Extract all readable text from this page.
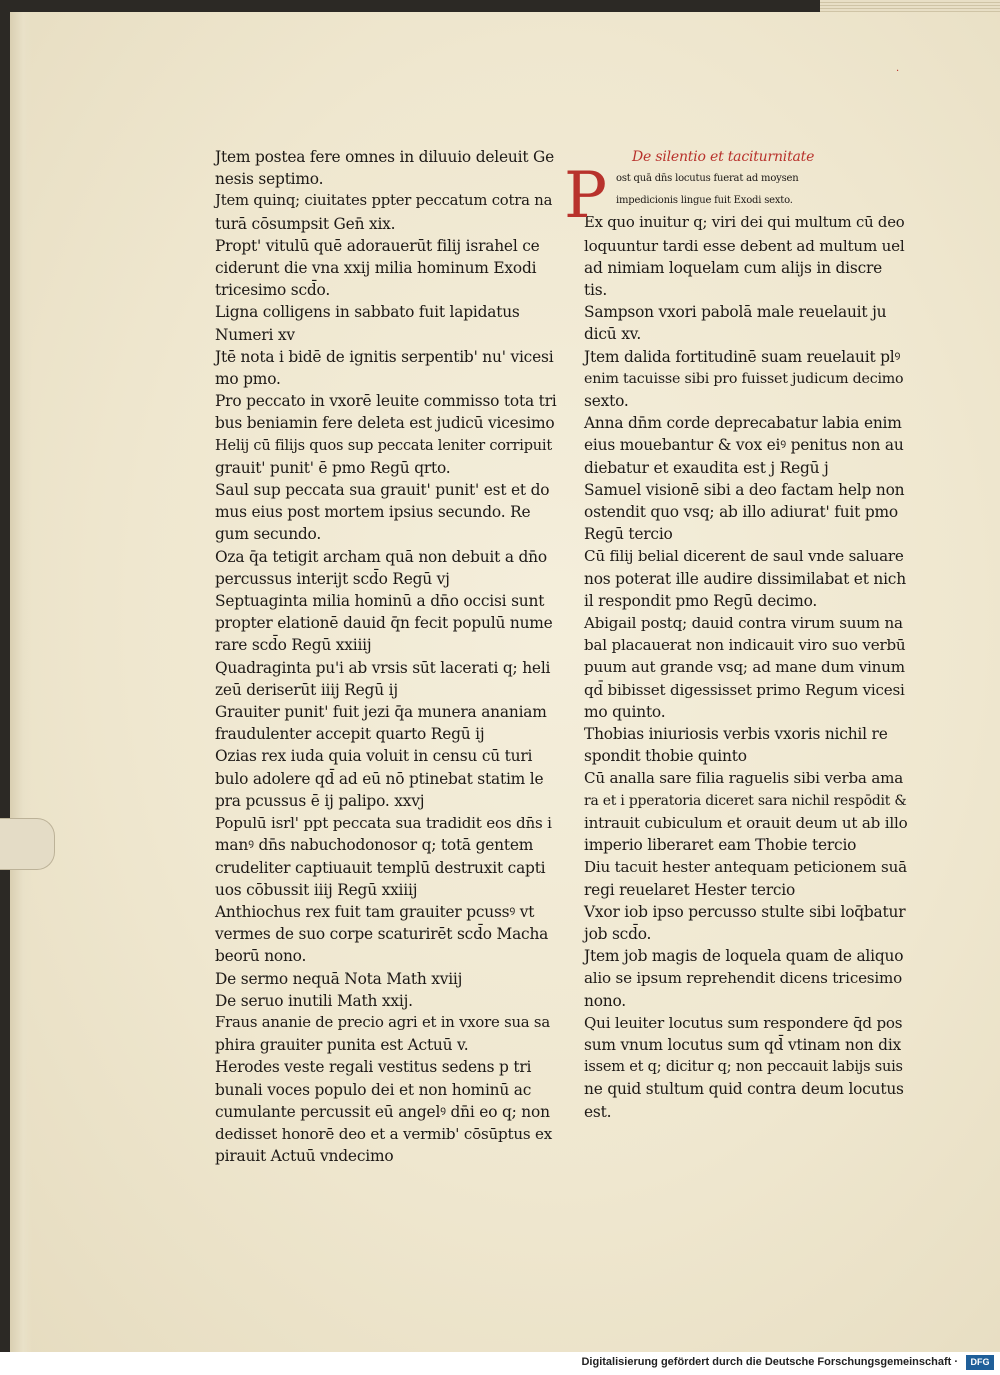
·
Jtem postea fere omnes in diluuio deleuit Ge
nesis septimo.
Jtem quinq; ciuitates ppter peccatum cotra na
turā cōsumpsit Gen̄ xix.
Propt' vitulū quē adorauerūt filij israhel ce
ciderunt die vna xxij milia hominum Exodi
tricesimo scd̄o.
Ligna colligens in sabbato fuit lapidatus
Numeri xv
Jtē nota i bidē de ignitis serpentib' nu' vicesi
mo pmo.
Pro peccato in vxorē leuite commisso tota tri
bus beniamin fere deleta est judicū vicesimo
Helij cū filijs quos sup peccata leniter corripuit
grauit' punit' ē pmo Regū qrto.
Saul sup peccata sua grauit' punit' est et do
mus eius post mortem ipsius secundo. Re
gum secundo.
Oza q̄a tetigit archam quā non debuit a dn̄o
percussus interijt scd̄o Regū vj
Septuaginta milia hominū a dn̄o occisi sunt
propter elationē dauid q̄n fecit populū nume
rare scd̄o Regū xxiiij
Quadraginta pu'i ab vrsis sūt lacerati q; heli
zeū deriserūt iiij Regū ij
Grauiter punit' fuit jezi q̄a munera ananiam
fraudulenter accepit quarto Regū ij
Ozias rex iuda quia voluit in censu cū turi
bulo adolere qd̄ ad eū nō ptinebat statim le
pra pcussus ē ij palipo. xxvj
Populū isrl' ppt peccata sua tradidit eos dn̄s i
manꝰ dn̄s nabuchodonosor q; totā gentem
crudeliter captiuauit templū destruxit capti
uos cōbussit iiij Regū xxiiij
Anthiochus rex fuit tam grauiter pcussꝰ vt
vermes de suo corpe scaturirēt scd̄o Macha
beorū nono.
De sermo nequā Nota Math xviij
De seruo inutili Math xxij.
Fraus ananie de precio agri et in vxore sua sa
phira grauiter punita est Actuū v.
Herodes veste regali vestitus sedens p tri
bunali voces populo dei et non hominū ac
cumulante percussit eū angelꝰ dn̄i eo q; non
dedisset honorē deo et a vermib' cōsūptus ex
pirauit Actuū vndecimo
De silentio et taciturnitate
P ost quā dn̄s locutus fuerat ad moysen
impedicionis lingue fuit Exodi sexto.
Ex quo inuitur q; viri dei qui multum cū deo
loquuntur tardi esse debent ad multum uel
ad nimiam loquelam cum alijs in discre
tis.
Sampson vxori pabolā male reuelauit ju
dicū xv.
Jtem dalida fortitudinē suam reuelauit plꝰ
enim tacuisse sibi pro fuisset judicum decimo
sexto.
Anna dn̄m corde deprecabatur labia enim
eius mouebantur & vox eiꝰ penitus non au
diebatur et exaudita est j Regū j
Samuel visionē sibi a deo factam help non
ostendit quo vsq; ab illo adiurat' fuit pmo
Regū tercio
Cū filij belial dicerent de saul vnde saluare
nos poterat ille audire dissimilabat et nich
il respondit pmo Regū decimo.
Abigail postq; dauid contra virum suum na
bal placauerat non indicauit viro suo verbū
puum aut grande vsq; ad mane dum vinum
qd̄ bibisset digessisset primo Regum vicesi
mo quinto.
Thobias iniuriosis verbis vxoris nichil re
spondit thobie quinto
Cū analla sare filia raguelis sibi verba ama
ra et i pperatoria diceret sara nichil respōdit &
intrauit cubiculum et orauit deum ut ab illo
imperio liberaret eam Thobie tercio
Diu tacuit hester antequam peticionem suā
regi reuelaret Hester tercio
Vxor iob ipso percusso stulte sibi loq̄batur
job scd̄o.
Jtem job magis de loquela quam de aliquo
alio se ipsum reprehendit dicens tricesimo
nono.
Qui leuiter locutus sum respondere q̄d pos
sum vnum locutus sum qd̄ vtinam non dix
issem et q; dicitur q; non peccauit labijs suis
ne quid stultum quid contra deum locutus
est.
Digitalisierung gefördert durch die Deutsche Forschungsgemeinschaft ·	DFG
